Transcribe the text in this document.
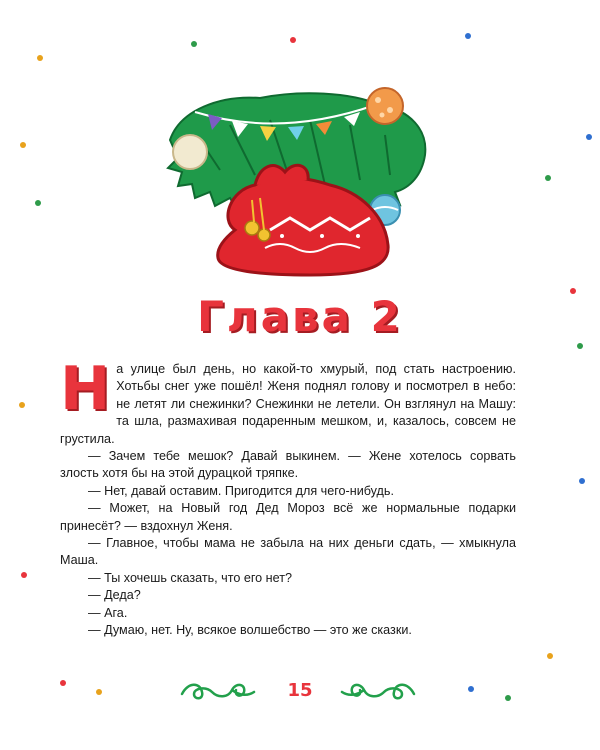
Глава 2

На улице был день, но какой-то хмурый, под стать настроению. Хотьбы снег уже пошёл! Женя поднял голову и посмотрел в небо: не летят ли снежинки? Снежинки не летели. Он взглянул на Машу: та шла, размахивая подаренным мешком, и, казалось, совсем не грустила.

— Зачем тебе мешок? Давай выкинем. — Жене хотелось сорвать злость хотя бы на этой дурацкой тряпке.

— Нет, давай оставим. Пригодится для чего-нибудь.

— Может, на Новый год Дед Мороз всё же нормальные подарки принесёт? — вздохнул Женя.

— Главное, чтобы мама не забыла на них деньги сдать, — хмыкнула Маша.

— Ты хочешь сказать, что его нет?

— Деда?

— Ага.

— Думаю, нет. Ну, всякое волшебство — это же сказки.

15
